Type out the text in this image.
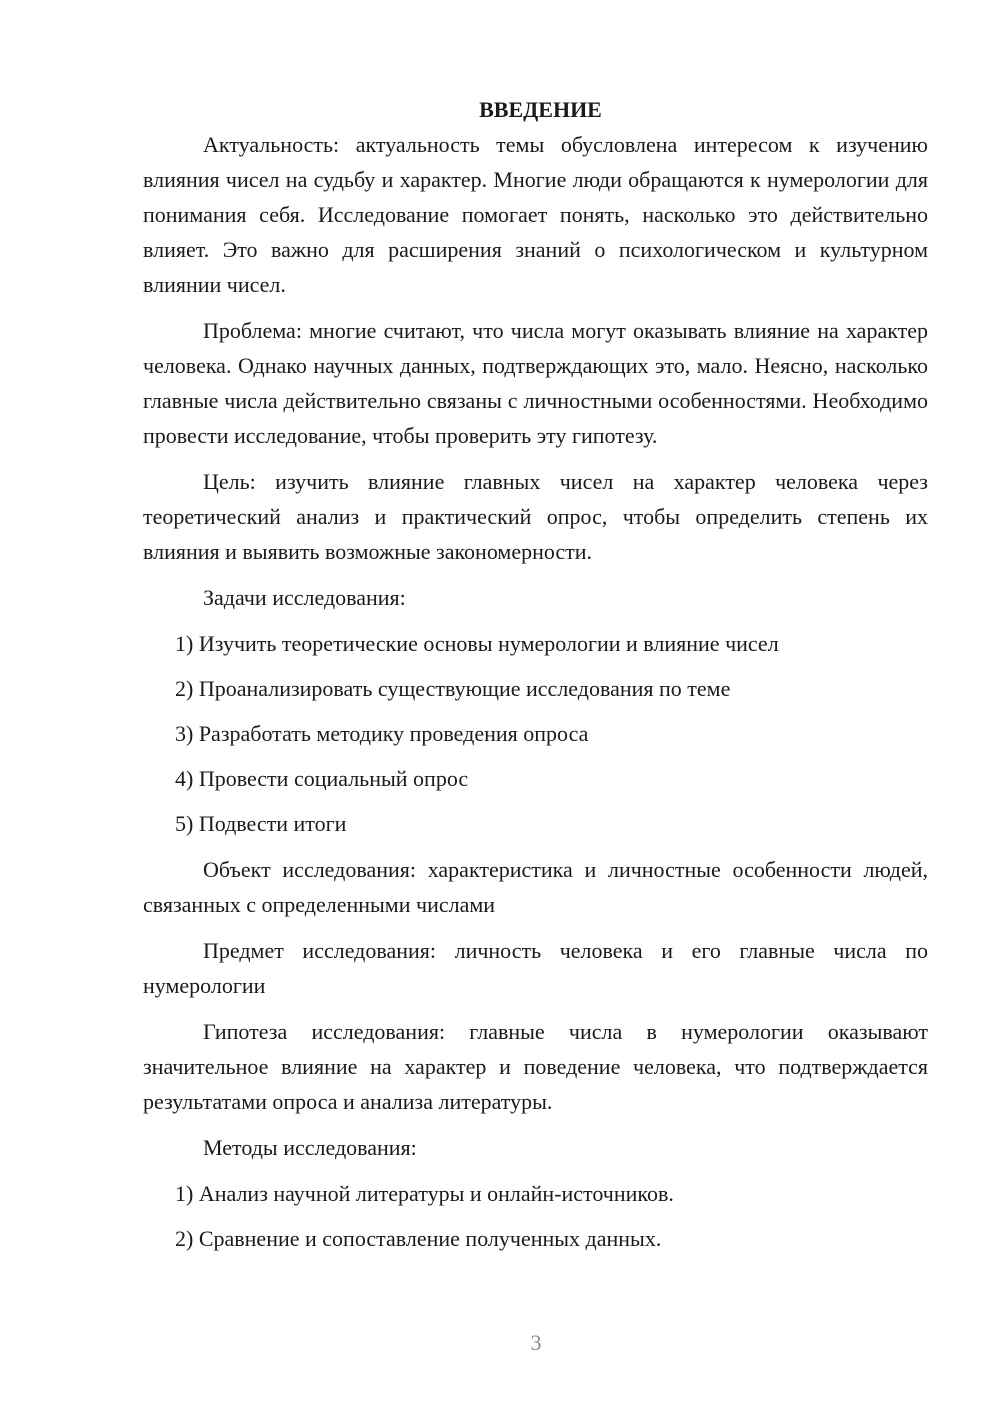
ВВЕДЕНИЕ

Актуальность: актуальность темы обусловлена интересом к изучению влияния чисел на судьбу и характер. Многие люди обращаются к нумерологии для понимания себя. Исследование помогает понять, насколько это действительно влияет. Это важно для расширения знаний о психологическом и культурном влиянии чисел.

Проблема: многие считают, что числа могут оказывать влияние на характер человека. Однако научных данных, подтверждающих это, мало. Неясно, насколько главные числа действительно связаны с личностными особенностями. Необходимо провести исследование, чтобы проверить эту гипотезу.

Цель: изучить влияние главных чисел на характер человека через теоретический анализ и практический опрос, чтобы определить степень их влияния и выявить возможные закономерности.

Задачи исследования:

1) Изучить теоретические основы нумерологии и влияние чисел
2) Проанализировать существующие исследования по теме
3) Разработать методику проведения опроса
4) Провести социальный опрос
5) Подвести итоги

Объект исследования: характеристика и личностные особенности людей, связанных с определенными числами

Предмет исследования: личность человека и его главные числа по нумерологии

Гипотеза исследования: главные числа в нумерологии оказывают значительное влияние на характер и поведение человека, что подтверждается результатами опроса и анализа литературы.

Методы исследования:

1) Анализ научной литературы и онлайн-источников.
2) Сравнение и сопоставление полученных данных.
3
